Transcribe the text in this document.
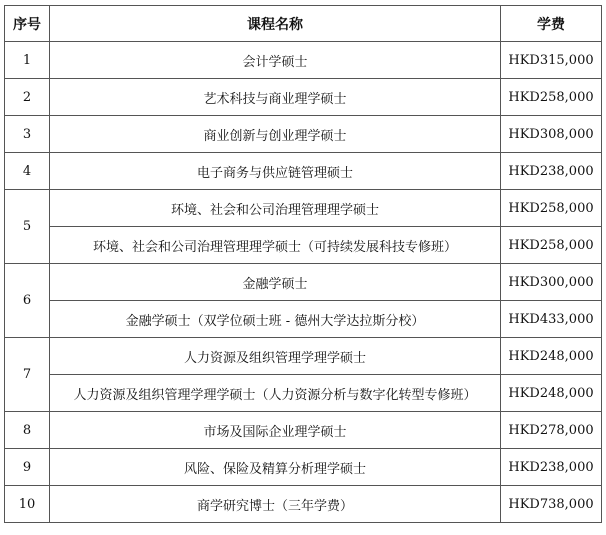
序号	课程名称	学费
1	会计学硕士	HKD315,000
2	艺术科技与商业理学硕士	HKD258,000
3	商业创新与创业理学硕士	HKD308,000
4	电子商务与供应链管理硕士	HKD238,000
5	环境、社会和公司治理管理理学硕士	HKD258,000
	环境、社会和公司治理管理理学硕士（可持续发展科技专修班）	HKD258,000
6	金融学硕士	HKD300,000
	金融学硕士（双学位硕士班 - 德州大学达拉斯分校）	HKD433,000
7	人力资源及组织管理学理学硕士	HKD248,000
	人力资源及组织管理学理学硕士（人力资源分析与数字化转型专修班）	HKD248,000
8	市场及国际企业理学硕士	HKD278,000
9	风险、保险及精算分析理学硕士	HKD238,000
10	商学研究博士（三年学费）	HKD738,000
